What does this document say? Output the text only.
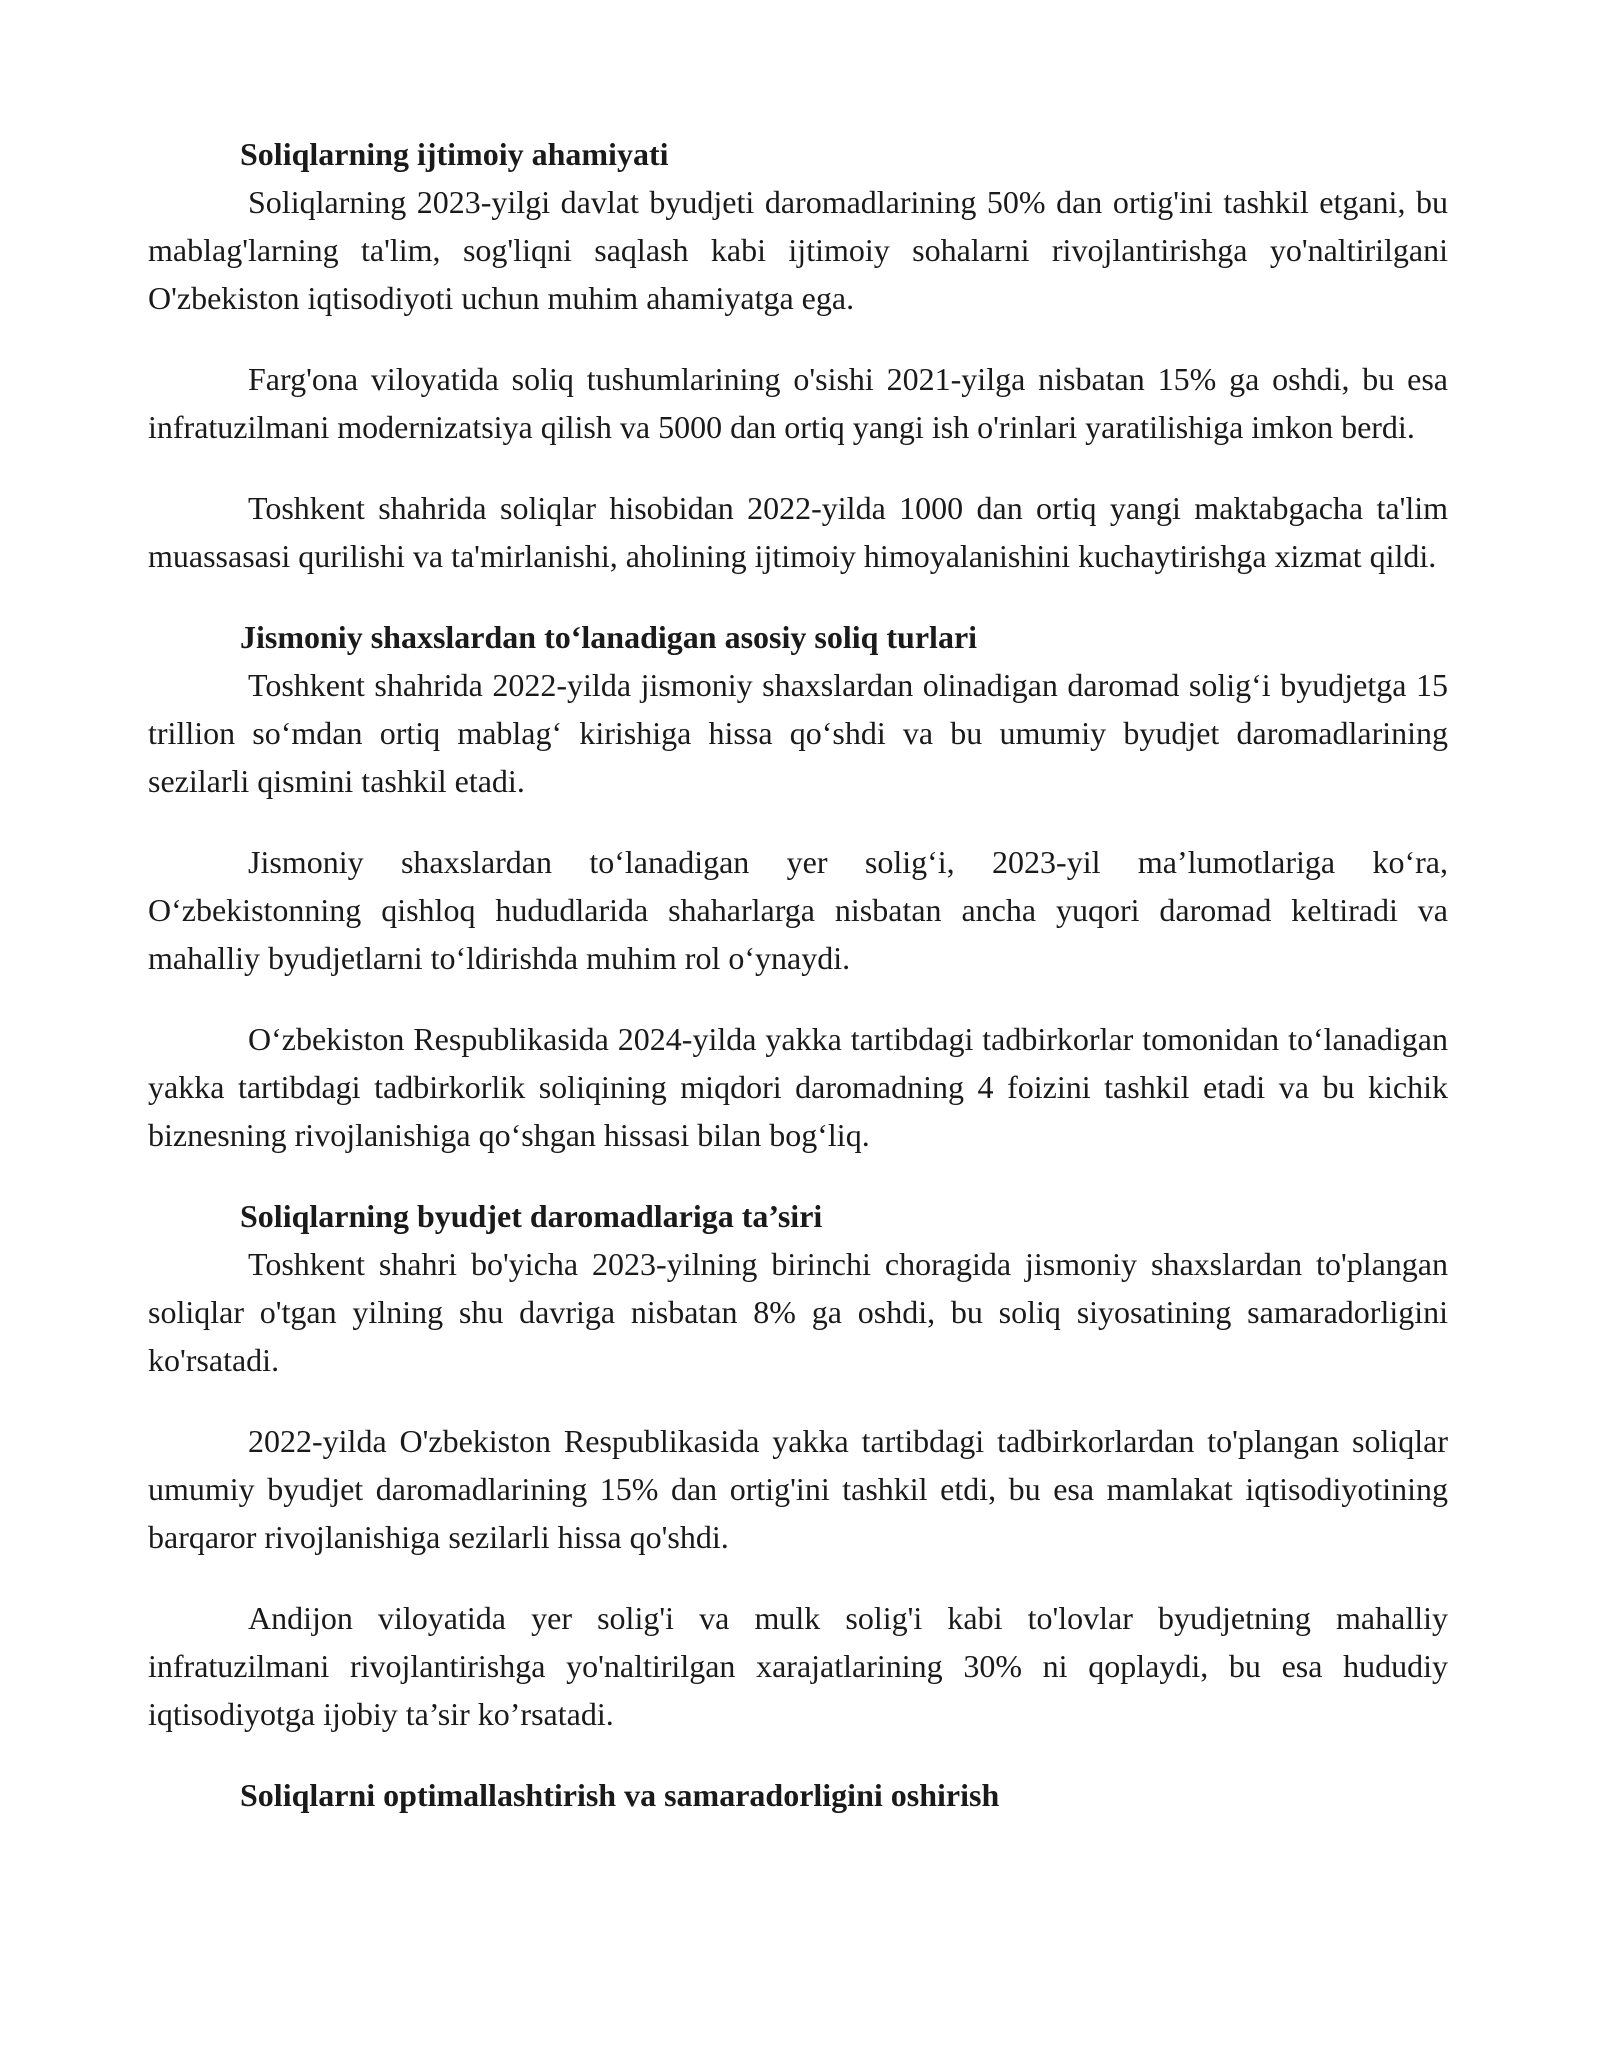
Soliqlarning ijtimoiy ahamiyati

Soliqlarning 2023-yilgi davlat byudjeti daromadlarining 50% dan ortig'ini tashkil etgani, bu mablag'larning ta'lim, sog'liqni saqlash kabi ijtimoiy sohalarni rivojlantirishga yo'naltirilgani O'zbekiston iqtisodiyoti uchun muhim ahamiyatga ega.

Farg'ona viloyatida soliq tushumlarining o'sishi 2021-yilga nisbatan 15% ga oshdi, bu esa infratuzilmani modernizatsiya qilish va 5000 dan ortiq yangi ish o'rinlari yaratilishiga imkon berdi.

Toshkent shahrida soliqlar hisobidan 2022-yilda 1000 dan ortiq yangi maktabgacha ta'lim muassasasi qurilishi va ta'mirlanishi, aholining ijtimoiy himoyalanishini kuchaytirishga xizmat qildi.

Jismoniy shaxslardan to‘lanadigan asosiy soliq turlari

Toshkent shahrida 2022-yilda jismoniy shaxslardan olinadigan daromad solig‘i byudjetga 15 trillion so‘mdan ortiq mablag‘ kirishiga hissa qo‘shdi va bu umumiy byudjet daromadlarining sezilarli qismini tashkil etadi.

Jismoniy shaxslardan to‘lanadigan yer solig‘i, 2023-yil ma’lumotlariga ko‘ra, O‘zbekistonning qishloq hududlarida shaharlarga nisbatan ancha yuqori daromad keltiradi va mahalliy byudjetlarni to‘ldirishda muhim rol o‘ynaydi.

O‘zbekiston Respublikasida 2024-yilda yakka tartibdagi tadbirkorlar tomonidan to‘lanadigan yakka tartibdagi tadbirkorlik soliqining miqdori daromadning 4 foizini tashkil etadi va bu kichik biznesning rivojlanishiga qo‘shgan hissasi bilan bog‘liq.

Soliqlarning byudjet daromadlariga ta’siri

Toshkent shahri bo'yicha 2023-yilning birinchi choragida jismoniy shaxslardan to'plangan soliqlar o'tgan yilning shu davriga nisbatan 8% ga oshdi, bu soliq siyosatining samaradorligini ko'rsatadi.

2022-yilda O'zbekiston Respublikasida yakka tartibdagi tadbirkorlardan to'plangan soliqlar umumiy byudjet daromadlarining 15% dan ortig'ini tashkil etdi, bu esa mamlakat iqtisodiyotining barqaror rivojlanishiga sezilarli hissa qo'shdi.

Andijon viloyatida yer solig'i va mulk solig'i kabi to'lovlar byudjetning mahalliy infratuzilmani rivojlantirishga yo'naltirilgan xarajatlarining 30% ni qoplaydi, bu esa hududiy iqtisodiyotga ijobiy ta’sir ko’rsatadi.

Soliqlarni optimallashtirish va samaradorligini oshirish
